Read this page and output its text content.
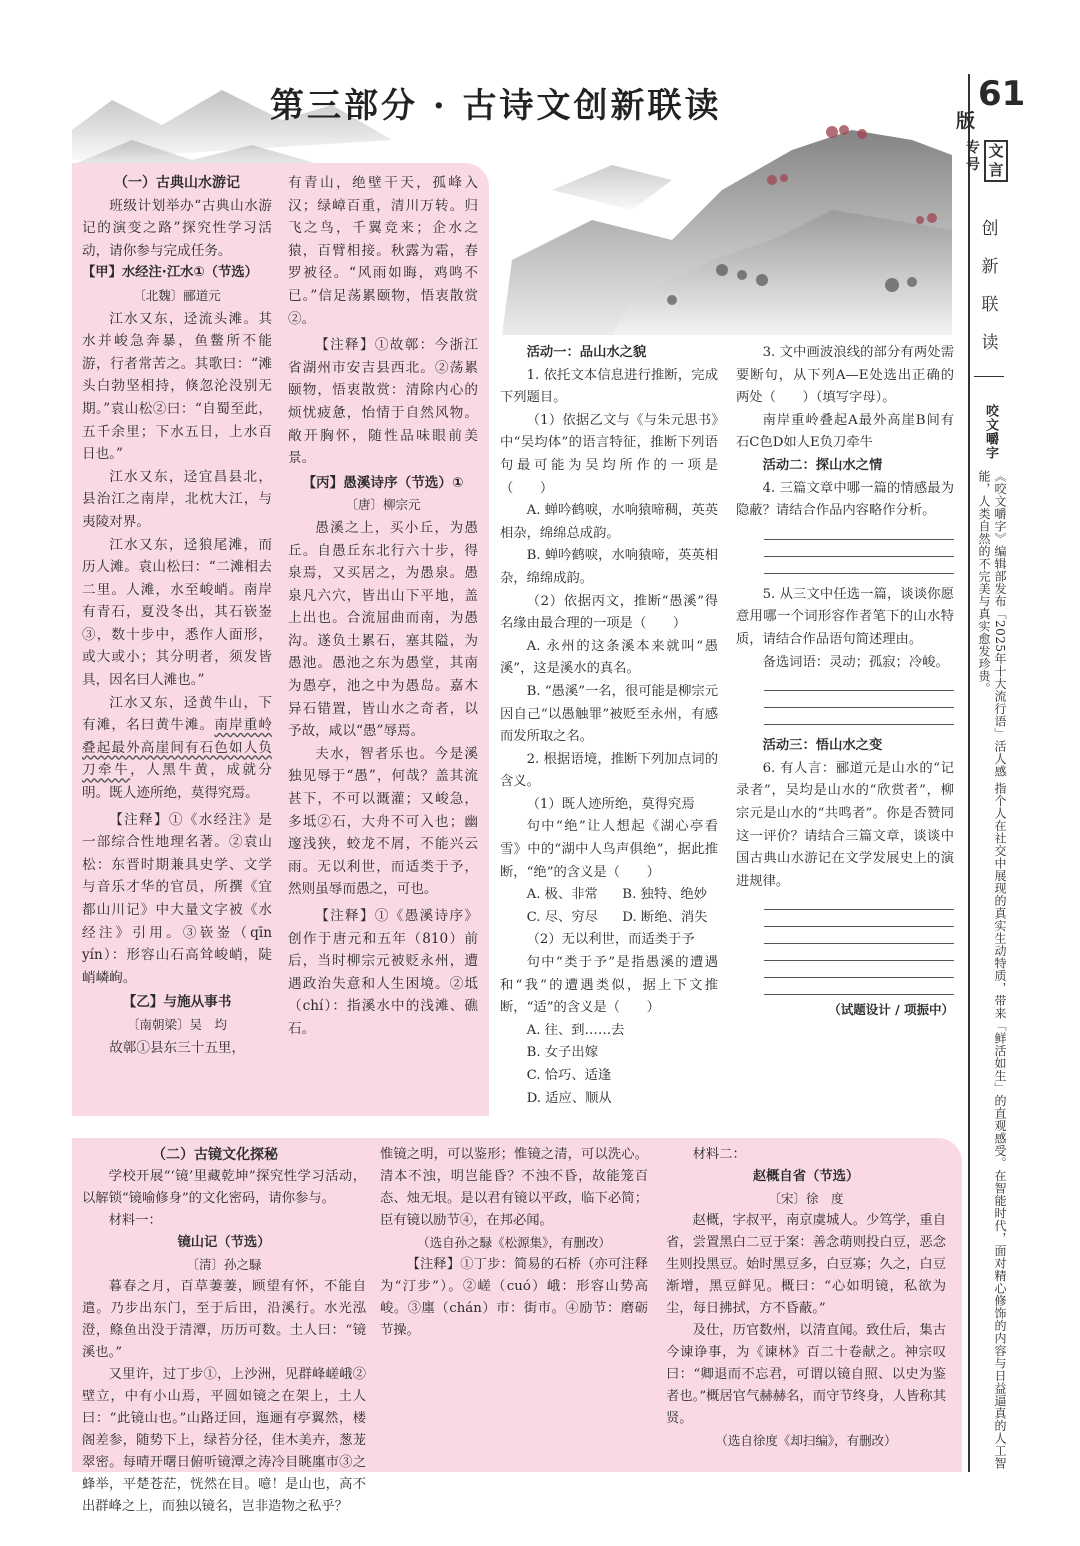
第三部分 · 古诗文创新联读	61
版
专
号
文
言
创
新
联
读
咬文嚼字
《咬文嚼字》编辑部发布「2025年十大流行语」活人感 指个人在社交中展现的真实生动特质，带来「鲜活如生」的直观感受。在智能时代，面对精心修饰的内容与日益逼真的人工智能，人类自然的不完美与真实愈发珍贵。

（一）古典山水游记

班级计划举办“古典山水游记的演变之路”探究性学习活动，请你参与完成任务。

【甲】水经注·江水①（节选）

〔北魏〕郦道元

江水又东，迳流头滩。其水并峻急奔暴，鱼鳖所不能游，行者常苦之。其歌曰：“滩头白勃坚相持，倏忽沦没别无期。”袁山松②曰：“自蜀至此，五千余里；下水五日，上水百日也。”

江水又东，迳宜昌县北，县治江之南岸，北枕大江，与夷陵对界。

江水又东，迳狼尾滩，而历人滩。袁山松曰：“二滩相去二里。人滩，水至峻峭。南岸有青石，夏没冬出，其石嵚崟③，数十步中，悉作人面形，或大或小；其分明者，须发皆具，因名曰人滩也。”

江水又东，迳黄牛山，下有滩，名曰黄牛滩。南岸重岭叠起最外高崖间有石色如人负刀牵牛，人黑牛黄，成就分明。既人迹所绝，莫得究焉。

【注释】①《水经注》是一部综合性地理名著。②袁山松：东晋时期兼具史学、文学与音乐才华的官员，所撰《宜都山川记》中大量文字被《水经注》引用。③嵚崟（qīn yín）：形容山石高耸峻峭，陡峭嶙峋。

【乙】与施从事书

〔南朝梁〕吴　均

故鄣①县东三十五里，

有青山，绝壁干天，孤峰入汉；绿嶂百重，清川万转。归飞之鸟，千翼竞来；企水之猿，百臂相接。秋露为霜，春罗被径。“风雨如晦，鸡鸣不已。”信足荡累颐物，悟衷散赏②。

【注释】①故鄣：今浙江省湖州市安吉县西北。②荡累颐物，悟衷散赏：清除内心的烦忧疲惫，怡情于自然风物。敞开胸怀，随性品味眼前美景。

【丙】愚溪诗序（节选）①

〔唐〕柳宗元

愚溪之上，买小丘，为愚丘。自愚丘东北行六十步，得泉焉，又买居之，为愚泉。愚泉凡六穴，皆出山下平地，盖上出也。合流屈曲而南，为愚沟。遂负土累石，塞其隘，为愚池。愚池之东为愚堂，其南为愚亭，池之中为愚岛。嘉木异石错置，皆山水之奇者，以予故，咸以“愚”辱焉。

夫水，智者乐也。今是溪独见辱于“愚”，何哉？盖其流甚下，不可以溉灌；又峻急，多坻②石，大舟不可入也；幽邃浅狭，蛟龙不屑，不能兴云雨。无以利世，而适类于予，然则虽辱而愚之，可也。

【注释】①《愚溪诗序》创作于唐元和五年（810）前后，当时柳宗元被贬永州，遭遇政治失意和人生困境。②坻（chí）：指溪水中的浅滩、礁石。

活动一：品山水之貌

1. 依托文本信息进行推断，完成下列题目。

（1）依据乙文与《与朱元思书》中“吴均体”的语言特征，推断下列语句最可能为吴均所作的一项是（　　）

A. 蝉吟鹤唳，水响猿啼稠，英英相杂，绵绵总成韵。

B. 蝉吟鹤唳，水响猿啼，英英相杂，绵绵成韵。

（2）依据丙文，推断“愚溪”得名缘由最合理的一项是（　　）

A. 永州的这条溪本来就叫“愚溪”，这是溪水的真名。

B. “愚溪”一名，很可能是柳宗元因自己“以愚触罪”被贬至永州，有感而发所取之名。

2. 根据语境，推断下列加点词的含义。

（1）既人迹所绝，莫得究焉

句中“绝”让人想起《湖心亭看雪》中的“湖中人鸟声俱绝”，据此推断，“绝”的含义是（　　）

A. 极、非常	B. 独特、绝妙
C. 尽、穷尽	D. 断绝、消失

（2）无以利世，而适类于予

句中“类于予”是指愚溪的遭遇和“我”的遭遇类似，据上下文推断，“适”的含义是（　　）

A. 往、到……去

B. 女子出嫁

C. 恰巧、适逢

D. 适应、顺从

3. 文中画波浪线的部分有两处需要断句，从下列A—E处选出正确的两处（　　）（填写字母）。

南岸重岭叠起A最外高崖B间有石C色D如人E负刀牵牛

活动二：探山水之情

4. 三篇文章中哪一篇的情感最为隐蔽？请结合作品内容略作分析。

5. 从三文中任选一篇，谈谈你愿意用哪一个词形容作者笔下的山水特质，请结合作品语句简述理由。

备选词语：灵动；孤寂；冷峻。

活动三：悟山水之变

6. 有人言：郦道元是山水的“记录者”，吴均是山水的“欣赏者”，柳宗元是山水的“共鸣者”。你是否赞同这一评价？请结合三篇文章，谈谈中国古典山水游记在文学发展史上的演进规律。

（试题设计 / 项振中）

（二）古镜文化探秘

学校开展“‘镜’里藏乾坤”探究性学习活动，以解锁“镜喻修身”的文化密码，请你参与。

材料一：

镜山记（节选）

〔清〕孙之騄

暮春之月，百草萋萋，顾望有怀，不能自遣。乃步出东门，至于后田，沿溪行。水光泓澄，鲦鱼出没于清潭，历历可数。土人曰：“镜溪也。”

又里许，过丁步①，上沙洲，见群峰嵯峨②壁立，中有小山焉，平圆如镜之在架上，土人曰：“此镜山也。”山路迂回，迤逦有亭翼然，楼阁差参，随势下上，绿苔分径，佳木美卉，葱茏翠密。每晴开曙日俯听镜潭之涛冷目眺廛市③之蜂举，平楚苍茫，恍然在目。噫！是山也，高不出群峰之上，而独以镜名，岂非造物之私乎？

惟镜之明，可以鉴形；惟镜之清，可以洗心。清本不浊，明岂能昏？不浊不昏，故能笼百态、烛无垠。是以君有镜以平政，临下必简；臣有镜以励节④，在邦必闻。

（选自孙之騄《松源集》，有删改）

【注释】①丁步：简易的石桥（亦可注释为“汀步”）。②嵯（cuó）峨：形容山势高峻。③廛（chán）市：街市。④励节：磨砺节操。

材料二：

赵概自省（节选）

〔宋〕徐　度

赵概，字叔平，南京虞城人。少笃学，重自省，尝置黑白二豆于案：善念萌则投白豆，恶念生则投黑豆。始时黑豆多，白豆寡；久之，白豆渐增，黑豆鲜见。概曰：“心如明镜，私欲为尘，每日拂拭，方不昏蔽。”

及仕，历官数州，以清直闻。致仕后，集古今谏诤事，为《谏林》百二十卷献之。神宗叹曰：“卿退而不忘君，可谓以镜自照、以史为鉴者也。”概居官气赫赫名，而守节终身，人皆称其贤。

（选自徐度《却扫编》，有删改）
